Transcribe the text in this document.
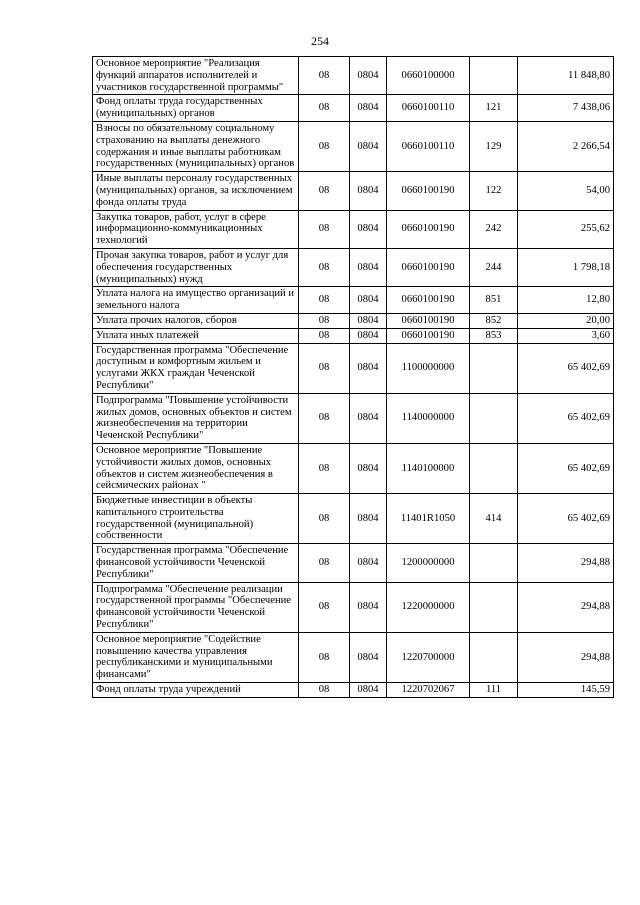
254
Основное мероприятие "Реализация функций аппаратов исполнителей и участников государственной программы"	08	0804	0660100000		11 848,80
Фонд оплаты труда государственных (муниципальных) органов	08	0804	0660100110	121	7 438,06
Взносы по обязательному социальному страхованию на выплаты денежного содержания и иные выплаты работникам государственных (муниципальных) органов	08	0804	0660100110	129	2 266,54
Иные выплаты персоналу государственных (муниципальных) органов, за исключением фонда оплаты труда	08	0804	0660100190	122	54,00
Закупка товаров, работ, услуг в сфере информационно-коммуникационных технологий	08	0804	0660100190	242	255,62
Прочая закупка товаров, работ и услуг для обеспечения государственных (муниципальных) нужд	08	0804	0660100190	244	1 798,18
Уплата налога на имущество организаций и земельного налога	08	0804	0660100190	851	12,80
Уплата прочих налогов, сборов	08	0804	0660100190	852	20,00
Уплата иных платежей	08	0804	0660100190	853	3,60
Государственная программа "Обеспечение доступным и комфортным жильем и услугами ЖКХ граждан Чеченской Республики"	08	0804	1100000000		65 402,69
Подпрограмма "Повышение устойчивости жилых домов, основных объектов и систем жизнеобеспечения на территории Чеченской Республики"	08	0804	1140000000		65 402,69
Основное мероприятие "Повышение устойчивости жилых домов, основных объектов и систем жизнеобеспечения в сейсмических районах "	08	0804	1140100000		65 402,69
Бюджетные инвестиции в объекты капитального строительства государственной (муниципальной) собственности	08	0804	11401R1050	414	65 402,69
Государственная программа "Обеспечение финансовой устойчивости Чеченской Республики"	08	0804	1200000000		294,88
Подпрограмма "Обеспечение реализации государственной программы "Обеспечение финансовой устойчивости Чеченской Республики"	08	0804	1220000000		294,88
Основное мероприятие "Содействие повышению качества управления республиканскими и муниципальными финансами"	08	0804	1220700000		294,88
Фонд оплаты труда учреждений	08	0804	1220702067	111	145,59
